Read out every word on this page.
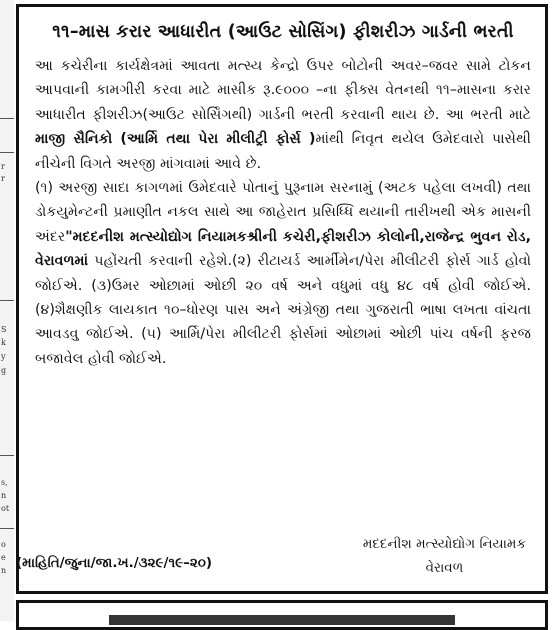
r
r
S
k
y
g
s,
n
ot
o
e
n
૧૧–માસ કરાર આધારીત (આઉટ સોસિંગ) ફીશરીઝ ગાર્ડની ભરતી

આ કચેરીના કાર્યક્ષેત્રમાં આવતા મત્સ્ય કેન્દ્રો ઉપર બોટોની અવર–જવર સામે ટોકન આપવાની કામગીરી કરવા માટે માસીક રૂ.૯૦૦૦ –ના ફીક્સ વેતનથી ૧૧–માસના કરાર આધારીત ફીશરીઝ(આઉટ સોર્સિંગથી) ગાર્ડની ભરતી કરવાની થાય છે. આ ભરતી માટે માજી સૈનિકો (આર્મિ તથા પેરા મીલીટ્રી ફોર્સ )માંથી નિવૃત થયેલ ઉમેદવારો પાસેથી નીચેની વિગતે અરજી માંગવામાં આવે છે.

(૧) અરજી સાદા કાગળમાં ઉમેદવારે પોતાનું પુરૂનામ સરનામું (અટક પહેલા લખવી) તથા ડોકયુમેન્ટની પ્રમાણીત નકલ સાથે આ જાહેરાત પ્રસિધ્ધિ થયાની તારીખથી એક માસની અંદર"મદદનીશ મત્સ્યોદ્યોગ નિયામકશ્રીની કચેરી,ફીશરીઝ કોલોની,રાજેન્દ્ર ભુવન રોડ, વેરાવળમાં પહોંચતી કરવાની રહેશે.(૨) રીટાયર્ડ આર્મીમેન/પેરા મીલીટરી ફોર્સ ગાર્ડ હોવો જોઈએ. (૩)ઉમર ઓછામાં ઓછી ૨૦ વર્ષ અને વધુમાં વધુ ૪૮ વર્ષ હોવી જોઈએ. (૪)શૈક્ષણીક લાયકાત ૧૦–ધોરણ પાસ અને અંગ્રેજી તથા ગુજરાતી ભાષા લખતા વાંચતા આવડવુ જોઈએ. (૫) આર્મિ/પેરા મીલીટરી ફોર્સમાં ઓછામાં ઓછી પાંચ વર્ષની ફરજ બજાવેલ હોવી જોઈએ.

મદદનીશ મત્સ્યોદ્યોગ નિયામક
વેરાવળ
(માહિતિ/જુના/જા.ખ./૩૨૯/૧૯–૨૦)
